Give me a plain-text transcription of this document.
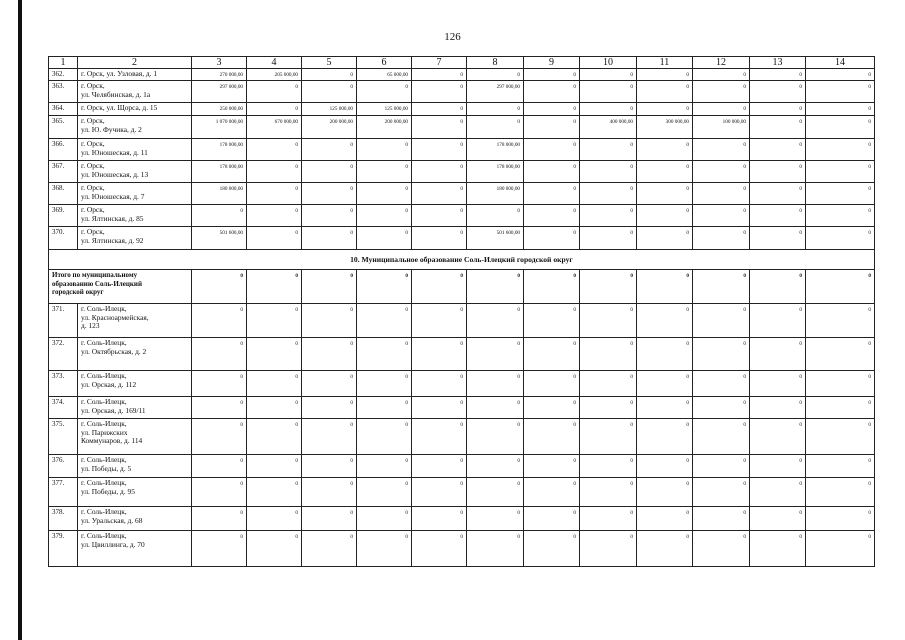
126
1	2	3	4	5	6	7	8	9	10	11	12	13	14
362.	г. Орск, ул. Узловая, д. 1	270 000,00	205 000,00	0	65 000,00	0	0	0	0	0	0	0	0
363.	г. Орск,
ул. Челябинская, д. 1а	297 000,00	0	0	0	0	297 000,00	0	0	0	0	0	0
364.	г. Орск, ул. Щорса, д. 15	250 000,00	0	125 000,00	125 000,00	0	0	0	0	0	0	0	0
365.	г. Орск,
ул. Ю. Фучика, д. 2	1 070 000,00	670 000,00	200 000,00	200 000,00	0	0	0	400 000,00	300 000,00	100 000,00	0	0
366.	г. Орск,
ул. Юношеская, д. 11	178 000,00	0	0	0	0	178 000,00	0	0	0	0	0	0
367.	г. Орск,
ул. Юношеская, д. 13	178 000,00	0	0	0	0	178 000,00	0	0	0	0	0	0
368.	г. Орск,
ул. Юношеская, д. 7	180 000,00	0	0	0	0	180 000,00	0	0	0	0	0	0
369.	г. Орск,
ул. Ялтинская, д. 85	0	0	0	0	0	0	0	0	0	0	0	0
370.	г. Орск,
ул. Ялтинская, д. 92	501 600,00	0	0	0	0	501 600,00	0	0	0	0	0	0
10. Муниципальное образование Соль-Илецкий городской округ													

Итого по муниципальному
образованию Соль-Илецкий
городской округ		0	0	0	0	0	0	0	0	0	0	0	0
371.	г. Соль-Илецк,
ул. Красноармейская,
д. 123	0	0	0	0	0	0	0	0	0	0	0	0
372.	г. Соль-Илецк,
ул. Октябрьская, д. 2	0	0	0	0	0	0	0	0	0	0	0	0
373.	г. Соль-Илецк,
ул. Орская, д. 112	0	0	0	0	0	0	0	0	0	0	0	0
374.	г. Соль-Илецк,
ул. Орская, д. 169/11	0	0	0	0	0	0	0	0	0	0	0	0
375.	г. Соль-Илецк,
ул. Парижских
Коммунаров, д. 114	0	0	0	0	0	0	0	0	0	0	0	0
376.	г. Соль-Илецк,
ул. Победы, д. 5	0	0	0	0	0	0	0	0	0	0	0	0
377.	г. Соль-Илецк,
ул. Победы, д. 95	0	0	0	0	0	0	0	0	0	0	0	0
378.	г. Соль-Илецк,
ул. Уральская, д. 68	0	0	0	0	0	0	0	0	0	0	0	0
379.	г. Соль-Илецк,
ул. Цвиллинга, д. 70	0	0	0	0	0	0	0	0	0	0	0	0
